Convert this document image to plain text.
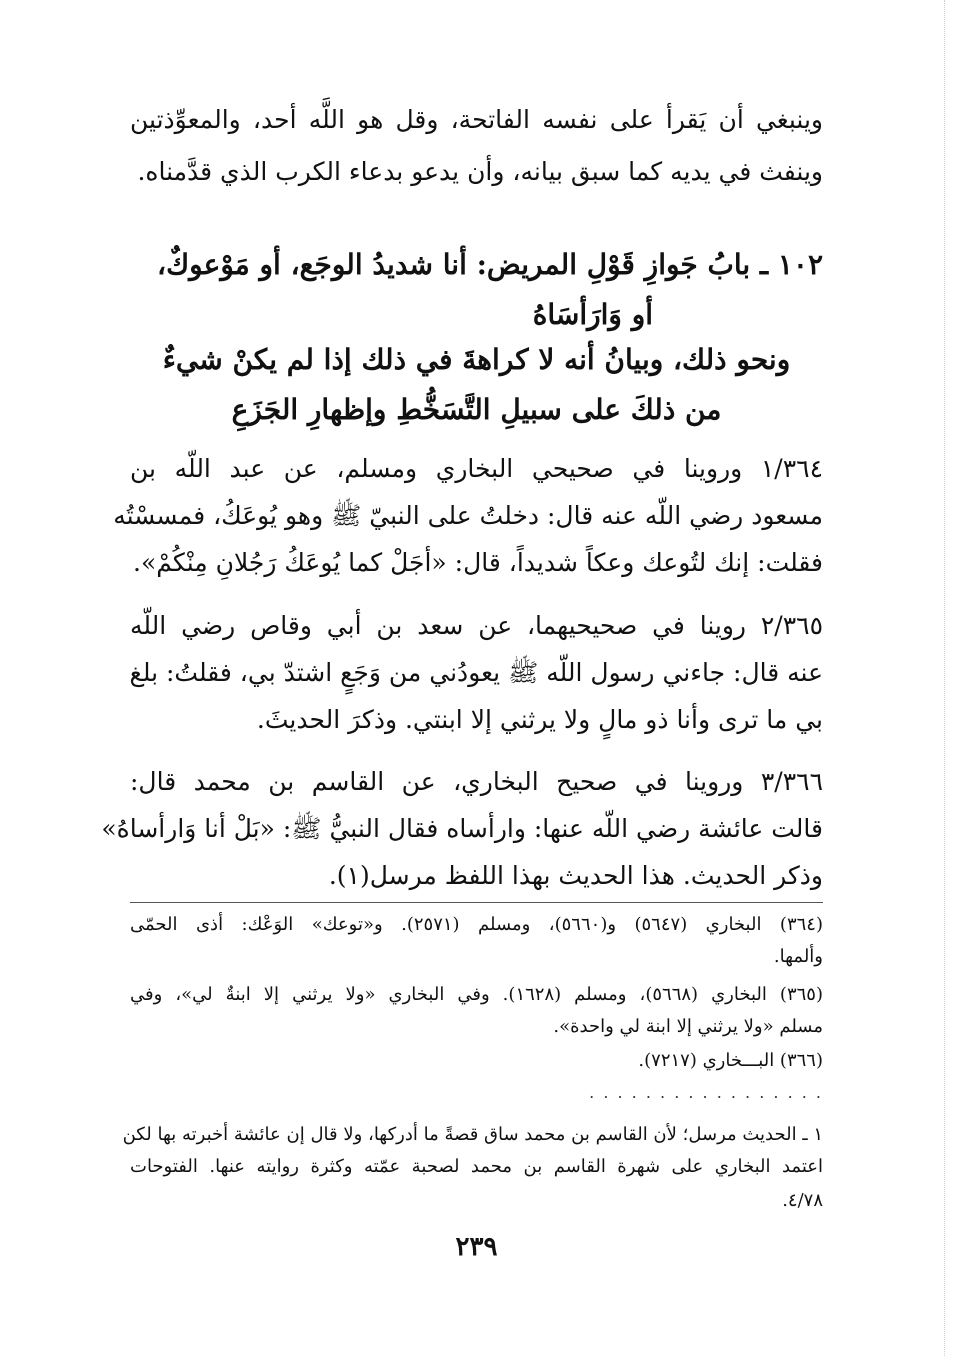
وينبغي أن يَقرأ على نفسه الفاتحة، وقل هو اللَّه أحد، والمعوِّذتين
وينفث في يديه كما سبق بيانه، وأن يدعو بدعاء الكرب الذي قدَّمناه.
١٠٢ ـ بابُ جَوازِ قَوْلِ المريض: أنا شديدُ الوجَع، أو مَوْعوكٌ،
أو وَارَأسَاهُ
ونحو ذلك، وبيانُ أنه لا كراهةَ في ذلك إذا لم يكنْ شيءٌ
من ذلكَ على سبيلِ التَّسَخُّطِ وإظهارِ الجَزَعِ
١/٣٦٤ وروينا في صحيحي البخاري ومسلم، عن عبد اللّه بن
مسعود رضي اللّه عنه قال: دخلتُ على النبيّ ﷺ وهو يُوعَكُ، فمسسْتُه
فقلت: إنك لتُوعك وعكاً شديداً، قال: «أجَلْ كما يُوعَكُ رَجُلانِ مِنْكُمْ».
٢/٣٦٥ روينا في صحيحيهما، عن سعد بن أبي وقاص رضي اللّه
عنه قال: جاءني رسول اللّه ﷺ يعودُني من وَجَعٍ اشتدّ بي، فقلتُ: بلغ
بي ما ترى وأنا ذو مالٍ ولا يرثني إلا ابنتي. وذكرَ الحديثَ.
٣/٣٦٦ وروينا في صحيح البخاري، عن القاسم بن محمد قال:
قالت عائشة رضي اللّه عنها: وارأساه فقال النبيُّ ﷺ: «بَلْ أنا وَارأساهُ»
وذكر الحديث. هذا الحديث بهذا اللفظ مرسل(١).
(٣٦٤) البخاري (٥٦٤٧) و(٥٦٦٠)، ومسلم (٢٥٧١). و«توعك» الوَعْك: أذى الحمّى
وألمها.
(٣٦٥) البخاري (٥٦٦٨)، ومسلم (١٦٢٨). وفي البخاري «ولا يرثني إلا ابنةٌ لي»، وفي
مسلم «ولا يرثني إلا ابنة لي واحدة».
(٣٦٦) البـــخاري (٧٢١٧).
. . . . . . . . . . . . . . . . .
١ ـ الحديث مرسل؛ لأن القاسم بن محمد ساق قصةً ما أدركها، ولا قال إن عائشة أخبرته بها لكن
اعتمد البخاري على شهرة القاسم بن محمد لصحبة عمّته وكثرة روايته عنها. الفتوحات
٤/٧٨.
٢٣٩
